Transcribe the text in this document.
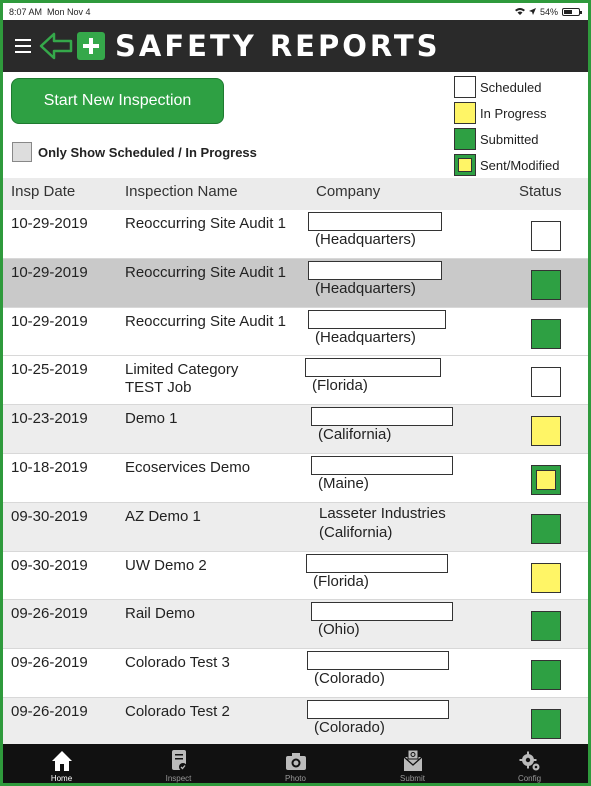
8:07 AM Mon Nov 4	54%
SAFETY REPORTS
Start New Inspection
Only Show Scheduled / In Progress
Scheduled
In Progress
Submitted
Sent/Modified
Insp Date	Inspection Name	Company	Status
10-29-2019 Reoccurring Site Audit 1
(Headquarters)
10-29-2019 Reoccurring Site Audit 1
(Headquarters)
10-29-2019 Reoccurring Site Audit 1
(Headquarters)
10-25-2019 Limited Category TEST Job	(Florida)
10-23-2019 Demo 1
(California)
10-18-2019 Ecoservices Demo
(Maine)
09-30-2019 AZ Demo 1	Lasseter Industries
(California)
09-30-2019 UW Demo 2
(Florida)
09-26-2019 Rail Demo
(Ohio)
09-26-2019 Colorado Test 3
(Colorado)
09-26-2019 Colorado Test 2
(Colorado)
Home	Inspect	Photo	Submit	Config
